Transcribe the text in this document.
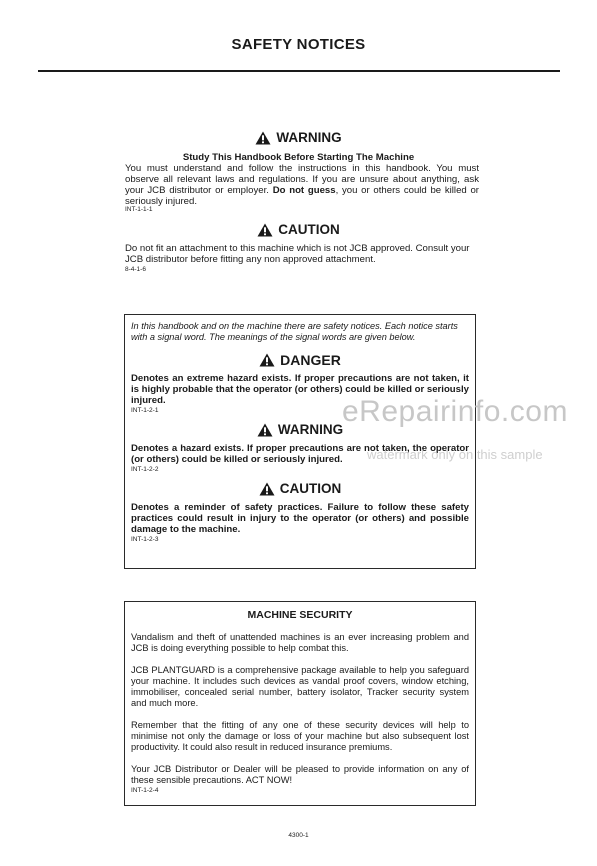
SAFETY NOTICES
WARNING
Study This Handbook Before Starting The Machine
You must understand and follow the instructions in this handbook. You must observe all relevant laws and regulations. If you are unsure about anything, ask your JCB distributor or employer. Do not guess, you or others could be killed or seriously injured.
INT-1-1-1
CAUTION
Do not fit an attachment to this machine which is not JCB approved. Consult your JCB distributor before fitting any non approved attachment.
8-4-1-6
In this handbook and on the machine there are safety notices. Each notice starts with a signal word. The meanings of the signal words are given below.
DANGER
Denotes an extreme hazard exists. If proper precautions are not taken, it is highly probable that the operator (or others) could be killed or seriously injured.
INT-1-2-1
WARNING
Denotes a hazard exists. If proper precautions are not taken, the operator (or others) could be killed or seriously injured.
INT-1-2-2
CAUTION
Denotes a reminder of safety practices. Failure to follow these safety practices could result in injury to the operator (or others) and possible damage to the machine.
INT-1-2-3
eRepairinfo.com
watermark only on this sample
MACHINE SECURITY
Vandalism and theft of unattended machines is an ever increasing problem and JCB is doing everything possible to help combat this.
JCB PLANTGUARD is a comprehensive package available to help you safeguard your machine. It includes such devices as vandal proof covers, window etching, immobiliser, concealed serial number, battery isolator, Tracker security system and much more.
Remember that the fitting of any one of these security devices will help to minimise not only the damage or loss of your machine but also subsequent lost productivity. It could also result in reduced insurance premiums.
Your JCB Distributor or Dealer will be pleased to provide information on any of these sensible precautions. ACT NOW!
INT-1-2-4
4300-1
